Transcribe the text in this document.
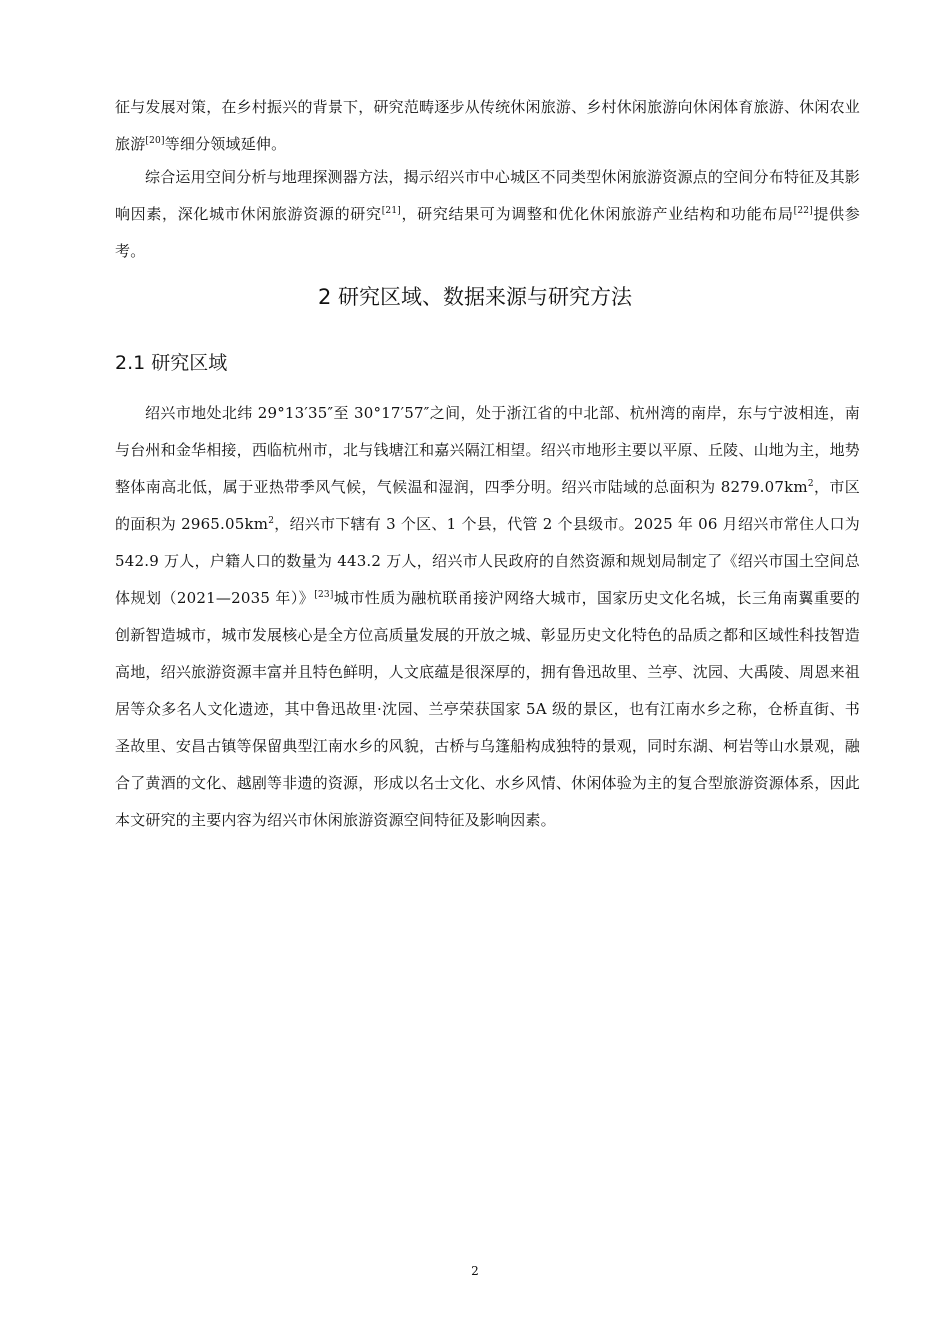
征与发展对策，在乡村振兴的背景下，研究范畴逐步从传统休闲旅游、乡村休闲旅游向休闲体育旅游、休闲农业旅游[20]等细分领域延伸。

综合运用空间分析与地理探测器方法，揭示绍兴市中心城区不同类型休闲旅游资源点的空间分布特征及其影响因素，深化城市休闲旅游资源的研究[21]，研究结果可为调整和优化休闲旅游产业结构和功能布局[22]提供参考。

2 研究区域、数据来源与研究方法
2.1 研究区域

绍兴市地处北纬 29°13′35″至 30°17′57″之间，处于浙江省的中北部、杭州湾的南岸，东与宁波相连，南与台州和金华相接，西临杭州市，北与钱塘江和嘉兴隔江相望。绍兴市地形主要以平原、丘陵、山地为主，地势整体南高北低，属于亚热带季风气候，气候温和湿润，四季分明。绍兴市陆域的总面积为 $8279.07km^2$，市区的面积为 $2965.05km^2$，绍兴市下辖有 3 个区、1 个县，代管 2 个县级市。2025 年 06 月绍兴市常住人口为 542.9 万人，户籍人口的数量为 443.2 万人，绍兴市人民政府的自然资源和规划局制定了《绍兴市国土空间总体规划（2021—2035 年）》[23]城市性质为融杭联甬接沪网络大城市，国家历史文化名城，长三角南翼重要的创新智造城市，城市发展核心是全方位高质量发展的开放之城、彰显历史文化特色的品质之都和区域性科技智造高地，绍兴旅游资源丰富并且特色鲜明，人文底蕴是很深厚的，拥有鲁迅故里、兰亭、沈园、大禹陵、周恩来祖居等众多名人文化遗迹，其中鲁迅故里·沈园、兰亭荣获国家 5A 级的景区，也有江南水乡之称，仓桥直街、书圣故里、安昌古镇等保留典型江南水乡的风貌，古桥与乌篷船构成独特的景观，同时东湖、柯岩等山水景观，融合了黄酒的文化、越剧等非遗的资源，形成以名士文化、水乡风情、休闲体验为主的复合型旅游资源体系，因此本文研究的主要内容为绍兴市休闲旅游资源空间特征及影响因素。

2
